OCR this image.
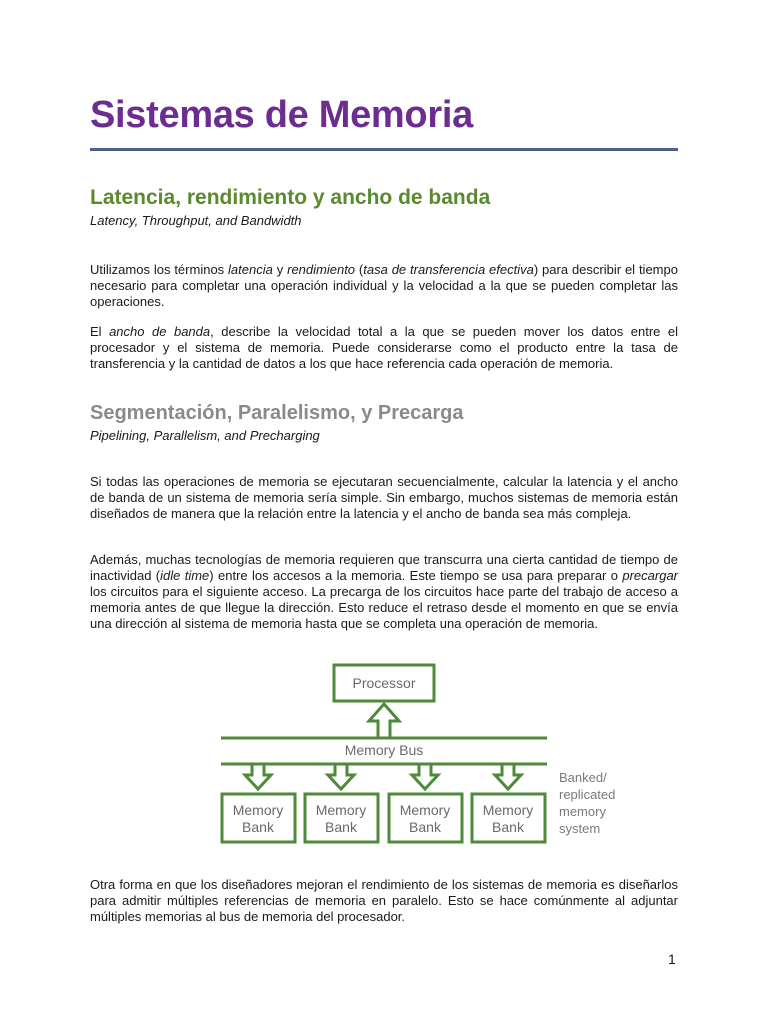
Sistemas de Memoria
Latencia, rendimiento y ancho de banda
Latency, Throughput, and Bandwidth
Utilizamos los términos latencia y rendimiento (tasa de transferencia efectiva) para describir el tiempo necesario para completar una operación individual y la velocidad a la que se pueden completar las operaciones.
El ancho de banda, describe la velocidad total a la que se pueden mover los datos entre el procesador y el sistema de memoria. Puede considerarse como el producto entre la tasa de transferencia y la cantidad de datos a los que hace referencia cada operación de memoria.
Segmentación, Paralelismo, y Precarga
Pipelining, Parallelism, and Precharging
Si todas las operaciones de memoria se ejecutaran secuencialmente, calcular la latencia y el ancho de banda de un sistema de memoria sería simple. Sin embargo, muchos sistemas de memoria están diseñados de manera que la relación entre la latencia y el ancho de banda sea más compleja.
Además, muchas tecnologías de memoria requieren que transcurra una cierta cantidad de tiempo de inactividad (idle time) entre los accesos a la memoria. Este tiempo se usa para preparar o precargar los circuitos para el siguiente acceso. La precarga de los circuitos hace parte del trabajo de acceso a memoria antes de que llegue la dirección. Esto reduce el retraso desde el momento en que se envía una dirección al sistema de memoria hasta que se completa una operación de memoria.
Otra forma en que los diseñadores mejoran el rendimiento de los sistemas de memoria es diseñarlos para admitir múltiples referencias de memoria en paralelo. Esto se hace comúnmente al adjuntar múltiples memorias al bus de memoria del procesador.
Processor
Memory Bus
Memory
Bank
Memory
Bank
Memory
Bank
Memory
Bank
Banked/
replicated
memory
system
1
